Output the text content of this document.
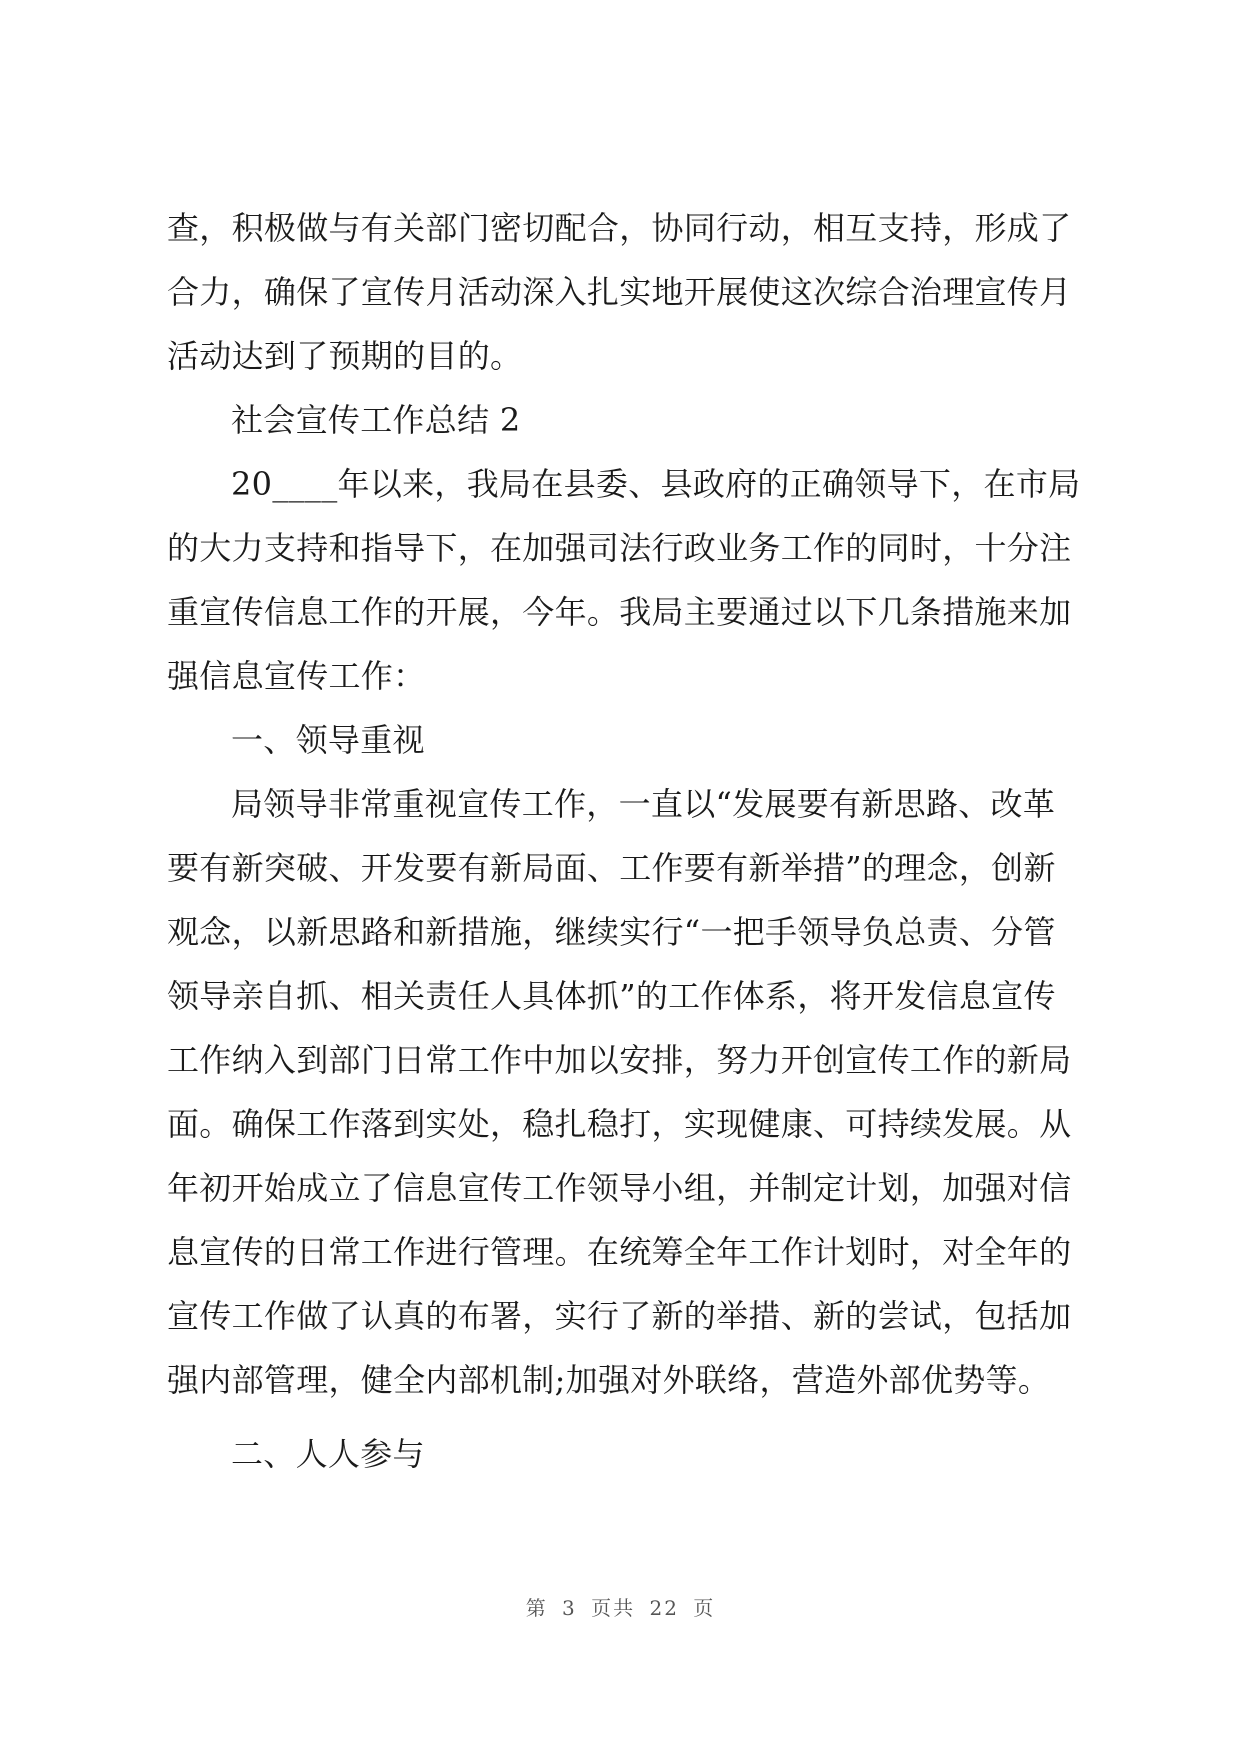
查，积极做与有关部门密切配合，协同行动，相互支持，形成了
合力，确保了宣传月活动深入扎实地开展使这次综合治理宣传月
活动达到了预期的目的。
社会宣传工作总结 2
20____年以来，我局在县委、县政府的正确领导下，在市局
的大力支持和指导下，在加强司法行政业务工作的同时，十分注
重宣传信息工作的开展，今年。我局主要通过以下几条措施来加
强信息宣传工作：
一、领导重视
局领导非常重视宣传工作，一直以“发展要有新思路、改革
要有新突破、开发要有新局面、工作要有新举措”的理念，创新
观念，以新思路和新措施，继续实行“一把手领导负总责、分管
领导亲自抓、相关责任人具体抓”的工作体系，将开发信息宣传
工作纳入到部门日常工作中加以安排，努力开创宣传工作的新局
面。确保工作落到实处，稳扎稳打，实现健康、可持续发展。从
年初开始成立了信息宣传工作领导小组，并制定计划，加强对信
息宣传的日常工作进行管理。在统筹全年工作计划时，对全年的
宣传工作做了认真的布署，实行了新的举措、新的尝试，包括加
强内部管理，健全内部机制;加强对外联络，营造外部优势等。
二、人人参与
第 3 页共 22 页
